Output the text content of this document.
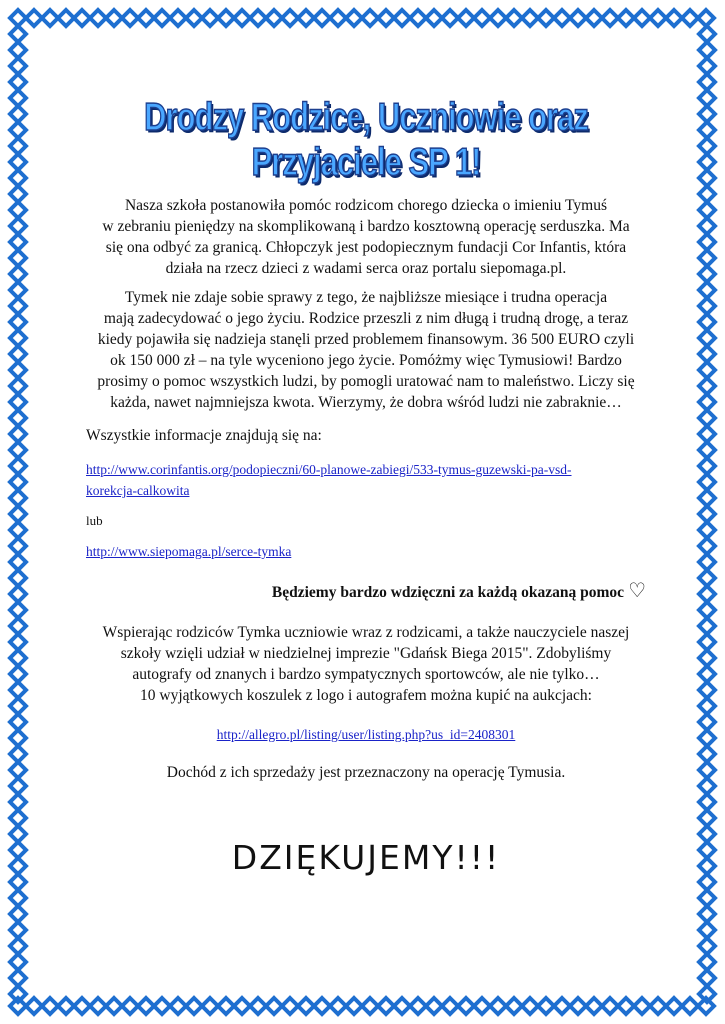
Drodzy Rodzice, Uczniowie oraz Przyjaciele SP 1!
Nasza szkoła postanowiła pomóc rodzicom chorego dziecka o imieniu Tymuś
w zebraniu pieniędzy na skomplikowaną i bardzo kosztowną operację serduszka. Ma
się ona odbyć za granicą. Chłopczyk jest podopiecznym fundacji Cor Infantis, która
działa na rzecz dzieci z wadami serca oraz portalu siepomaga.pl.
Tymek nie zdaje sobie sprawy z tego, że najbliższe miesiące i trudna operacja
mają zadecydować o jego życiu. Rodzice przeszli z nim długą i trudną drogę, a teraz
kiedy pojawiła się nadzieja stanęli przed problemem finansowym. 36 500 EURO czyli
ok 150 000 zł – na tyle wyceniono jego życie. Pomóżmy więc Tymusiowi! Bardzo
prosimy o pomoc wszystkich ludzi, by pomogli uratować nam to maleństwo. Liczy się
każda, nawet najmniejsza kwota. Wierzymy, że dobra wśród ludzi nie zabraknie…
Wszystkie informacje znajdują się na:
http://www.corinfantis.org/podopieczni/60-planowe-zabiegi/533-tymus-guzewski-pa-vsd-
korekcja-calkowita
lub
http://www.siepomaga.pl/serce-tymka
Będziemy bardzo wdzięczni za każdą okazaną pomoc ♡
Wspierając rodziców Tymka uczniowie wraz z rodzicami, a także nauczyciele naszej
szkoły wzięli udział w niedzielnej imprezie "Gdańsk Biega 2015". Zdobyliśmy
autografy od znanych i bardzo sympatycznych sportowców, ale nie tylko…
10 wyjątkowych koszulek z logo i autografem można kupić na aukcjach:
http://allegro.pl/listing/user/listing.php?us_id=2408301
Dochód z ich sprzedaży jest przeznaczony na operację Tymusia.
DZIĘKUJEMY!!!
